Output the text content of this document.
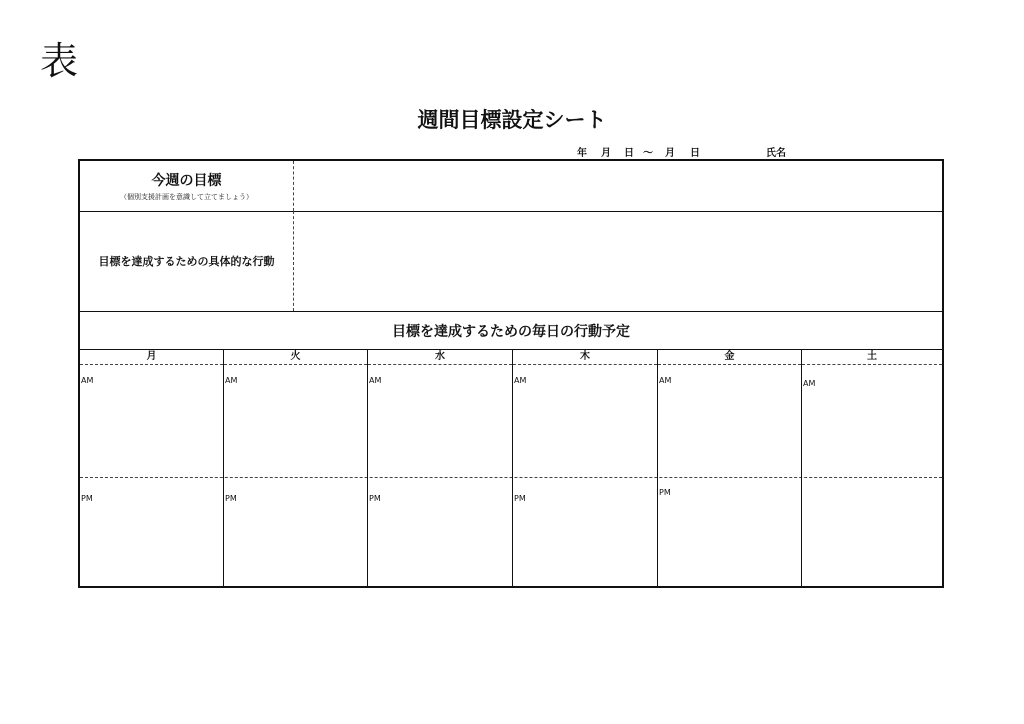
表
週間目標設定シート
年 月 日 ～ 月 日	氏名
今週の目標
（個別支援計画を意識して立てましょう）
目標を達成するための具体的な行動
目標を達成するための毎日の行動予定
月
AM
PM
火
AM
PM
水
AM
PM
木
AM
PM
金
AM
PM
土
AM
